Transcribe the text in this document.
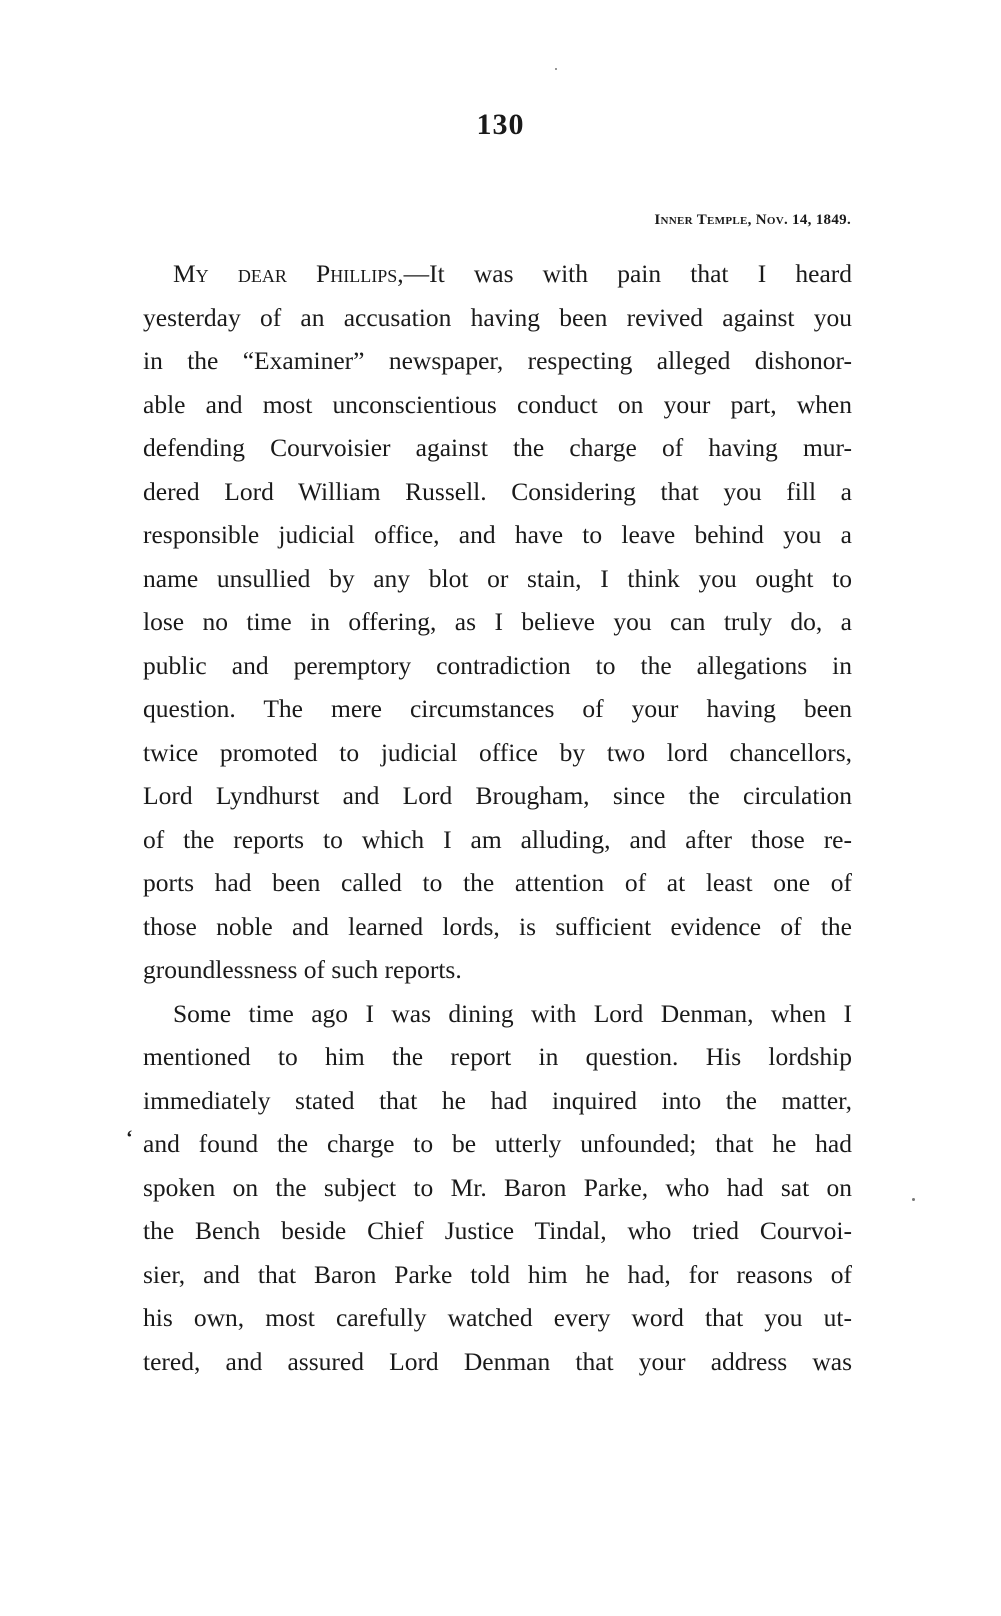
130
Inner Temple, Nov. 14, 1849.
My dear Phillips,—It was with pain that I heard
yesterday of an accusation having been revived against you
in the “Examiner” newspaper, respecting alleged dishonor-
able and most unconscientious conduct on your part, when
defending Courvoisier against the charge of having mur-
dered Lord William Russell. Considering that you fill a
responsible judicial office, and have to leave behind you a
name unsullied by any blot or stain, I think you ought to
lose no time in offering, as I believe you can truly do, a
public and peremptory contradiction to the allegations in
question. The mere circumstances of your having been
twice promoted to judicial office by two lord chancellors,
Lord Lyndhurst and Lord Brougham, since the circulation
of the reports to which I am alluding, and after those re-
ports had been called to the attention of at least one of
those noble and learned lords, is sufficient evidence of the
groundlessness of such reports.
Some time ago I was dining with Lord Denman, when I
mentioned to him the report in question. His lordship
immediately stated that he had inquired into the matter,
and found the charge to be utterly unfounded; that he had
spoken on the subject to Mr. Baron Parke, who had sat on
the Bench beside Chief Justice Tindal, who tried Courvoi-
sier, and that Baron Parke told him he had, for reasons of
his own, most carefully watched every word that you ut-
tered, and assured Lord Denman that your address was
‘
